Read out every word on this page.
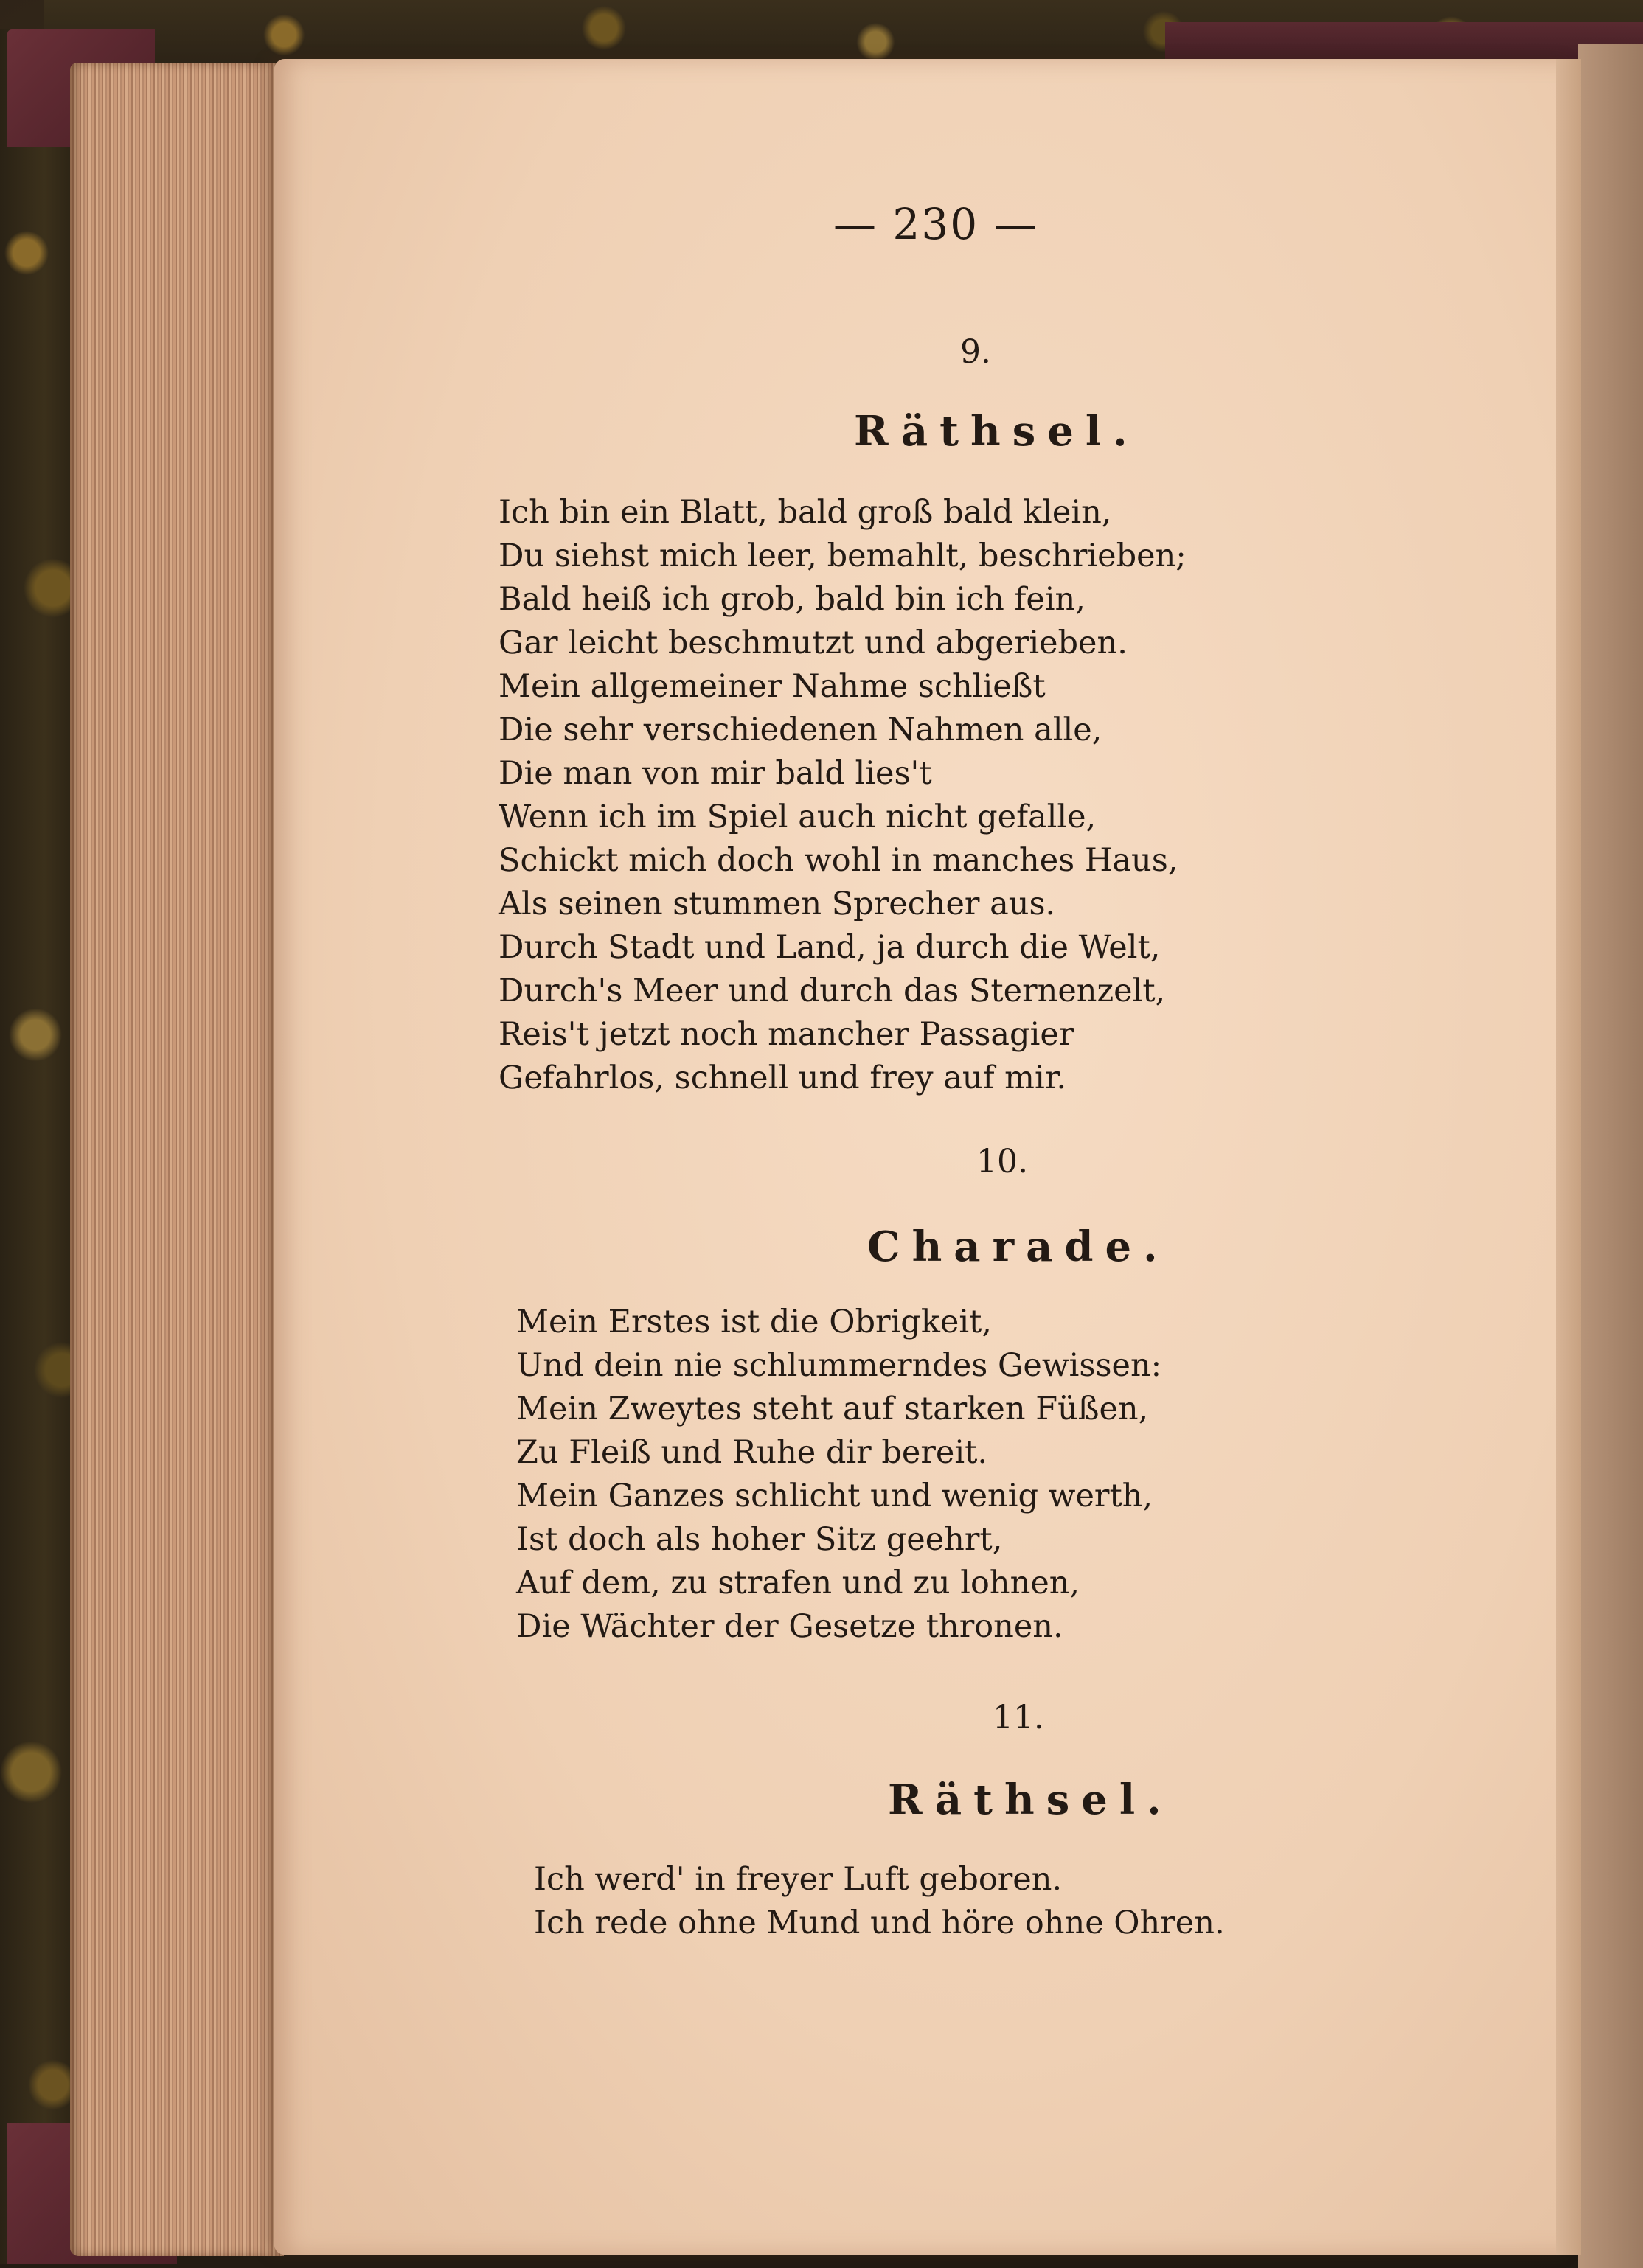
— 230 —
9.
Räthsel.
Ich bin ein Blatt, bald groß bald klein,
Du siehst mich leer, bemahlt, beschrieben;
Bald heiß ich grob, bald bin ich fein,
Gar leicht beschmutzt und abgerieben.
Mein allgemeiner Nahme schließt
Die sehr verschiedenen Nahmen alle,
Die man von mir bald lies't
Wenn ich im Spiel auch nicht gefalle,
Schickt mich doch wohl in manches Haus,
Als seinen stummen Sprecher aus.
Durch Stadt und Land, ja durch die Welt,
Durch's Meer und durch das Sternenzelt,
Reis't jetzt noch mancher Passagier
Gefahrlos, schnell und frey auf mir.
10.
Charade.
Mein Erstes ist die Obrigkeit,
Und dein nie schlummerndes Gewissen:
Mein Zweytes steht auf starken Füßen,
Zu Fleiß und Ruhe dir bereit.
Mein Ganzes schlicht und wenig werth,
Ist doch als hoher Sitz geehrt,
Auf dem, zu strafen und zu lohnen,
Die Wächter der Gesetze thronen.
11.
Räthsel.
Ich werd' in freyer Luft geboren.
Ich rede ohne Mund und höre ohne Ohren.
